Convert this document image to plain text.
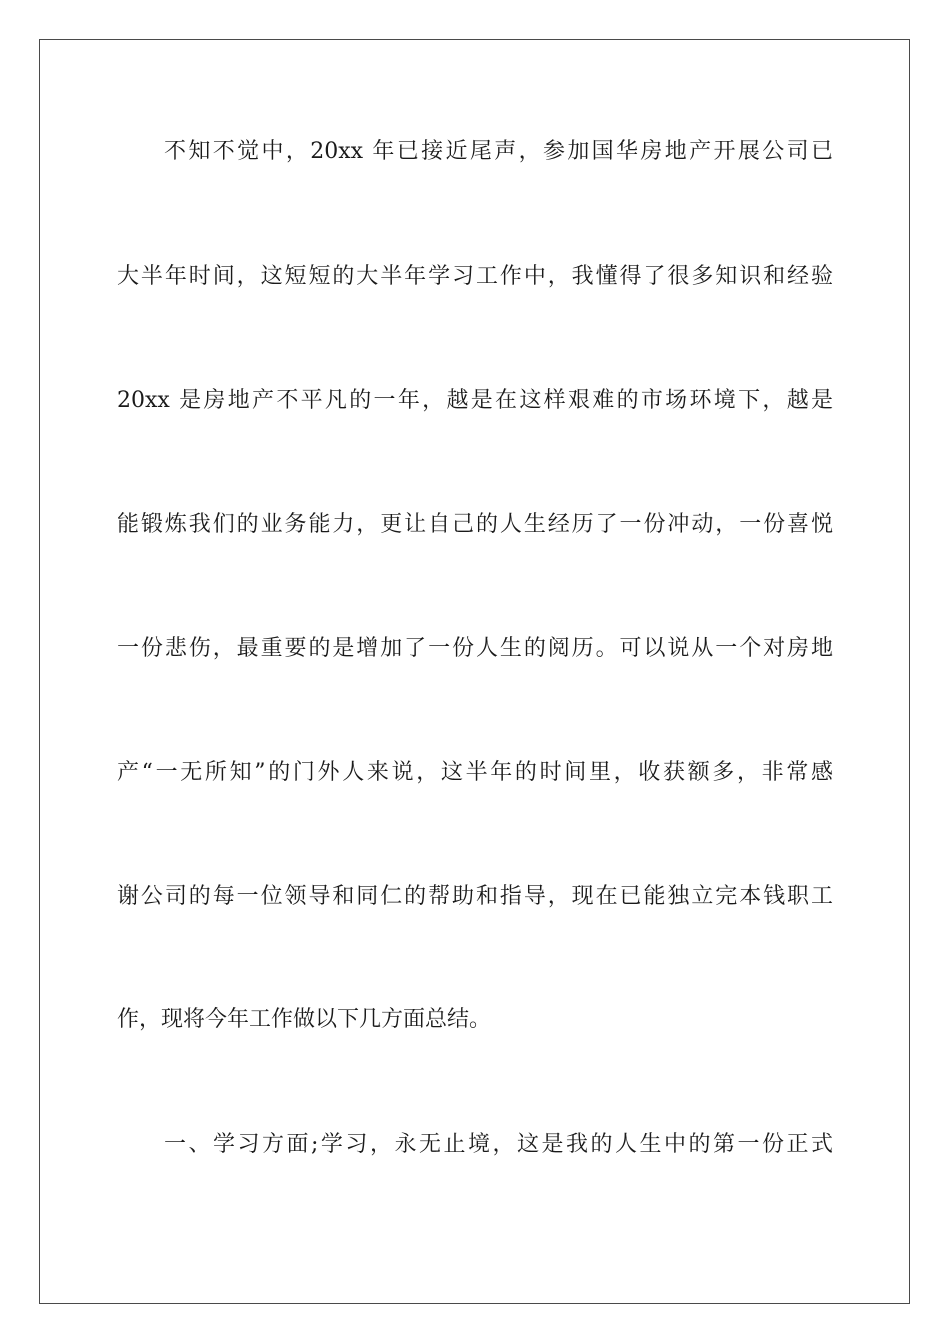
不知不觉中，20xx 年已接近尾声，参加国华房地产开展公司已
大半年时间，这短短的大半年学习工作中，我懂得了很多知识和经验
20xx 是房地产不平凡的一年，越是在这样艰难的市场环境下，越是
能锻炼我们的业务能力，更让自己的人生经历了一份冲动，一份喜悦
一份悲伤，最重要的是增加了一份人生的阅历。可以说从一个对房地
产“一无所知”的门外人来说，这半年的时间里，收获额多，非常感
谢公司的每一位领导和同仁的帮助和指导，现在已能独立完本钱职工
作，现将今年工作做以下几方面总结。
一、学习方面;学习，永无止境，这是我的人生中的第一份正式
